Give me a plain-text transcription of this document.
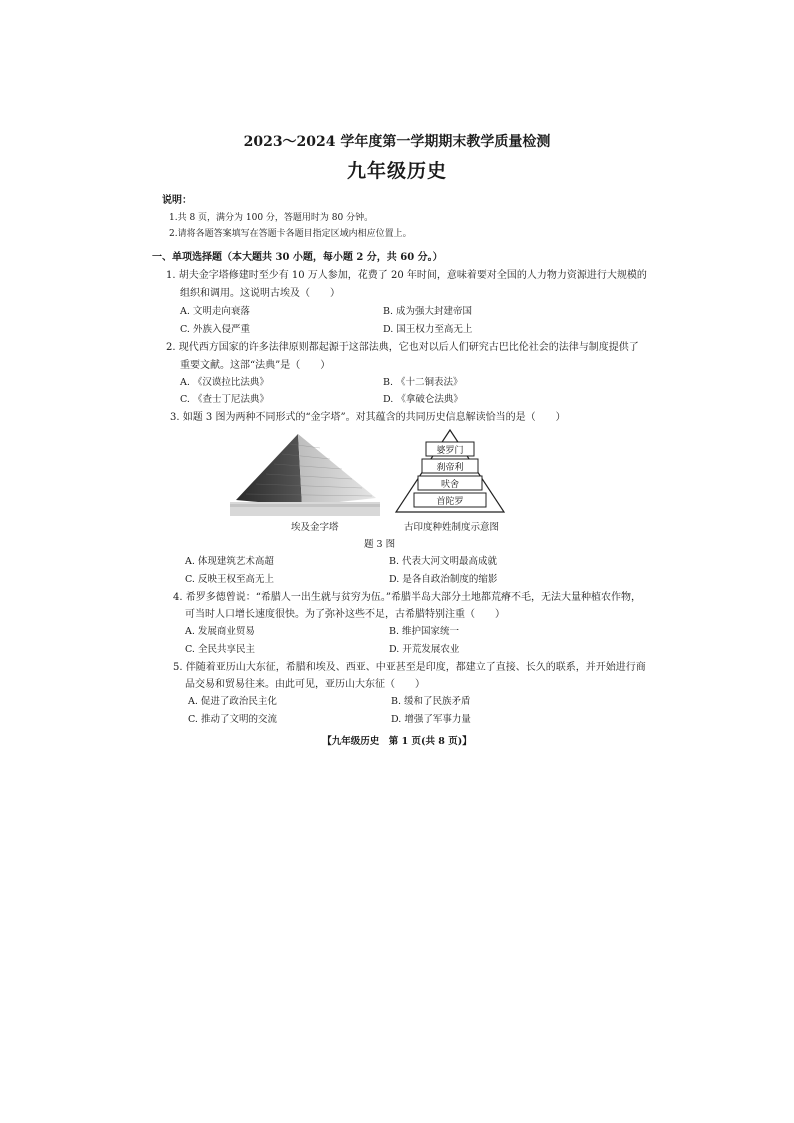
2023～2024 学年度第一学期期末教学质量检测
九年级历史
说明：
1.共 8 页，满分为 100 分，答题用时为 80 分钟。
2.请将各题答案填写在答题卡各题目指定区域内相应位置上。
一、单项选择题（本大题共 30 小题，每小题 2 分，共 60 分。）
1. 胡夫金字塔修建时至少有 10 万人参加，花费了 20 年时间，意味着要对全国的人力物力资源进行大规模的
组织和调用。这说明古埃及（　　）
A. 文明走向衰落	B. 成为强大封建帝国
C. 外族入侵严重	D. 国王权力至高无上
2. 现代西方国家的许多法律原则都起源于这部法典，它也对以后人们研究古巴比伦社会的法律与制度提供了
重要文献。这部“法典”是（　　）
A. 《汉谟拉比法典》	B. 《十二铜表法》
C. 《查士丁尼法典》	D. 《拿破仑法典》
3. 如题 3 图为两种不同形式的“金字塔”。对其蕴含的共同历史信息解读恰当的是（　　）
埃及金字塔
婆罗门
刹帝利
吠舍
首陀罗
古印度种姓制度示意图
题 3 图
A. 体现建筑艺术高超	B. 代表大河文明最高成就
C. 反映王权至高无上	D. 是各自政治制度的缩影
4. 希罗多德曾说：“希腊人一出生就与贫穷为伍。”希腊半岛大部分土地都荒瘠不毛，无法大量种植农作物，
可当时人口增长速度很快。为了弥补这些不足，古希腊特别注重（　　）
A. 发展商业贸易	B. 维护国家统一
C. 全民共享民主	D. 开荒发展农业
5. 伴随着亚历山大东征，希腊和埃及、西亚、中亚甚至是印度，都建立了直接、长久的联系，并开始进行商
品交易和贸易往来。由此可见，亚历山大东征（　　）
A. 促进了政治民主化	B. 缓和了民族矛盾
C. 推动了文明的交流	D. 增强了军事力量
【九年级历史　第 1 页(共 8 页)】
